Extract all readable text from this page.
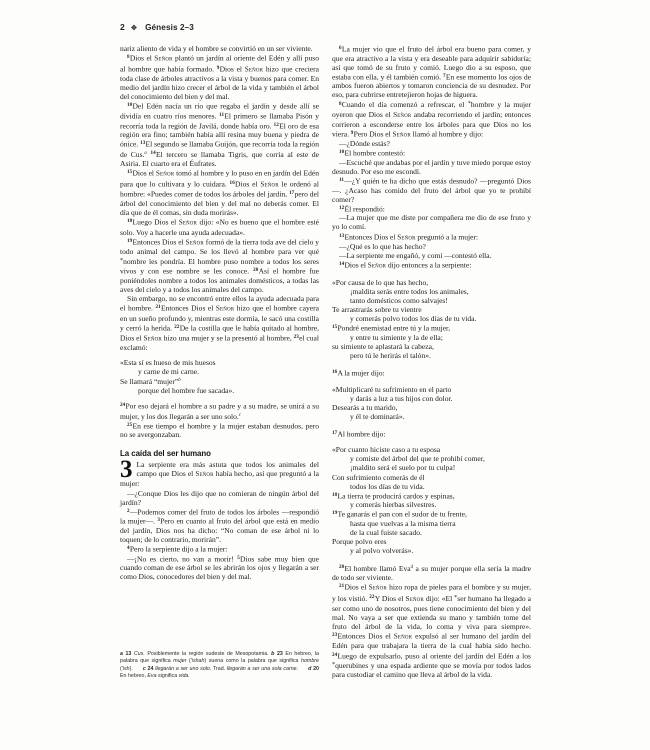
2 ✥ Génesis 2–3

nariz aliento de vida y el hombre se convirtió en un ser viviente.

$^8$Dios el Señor plantó un jardín al oriente del Edén y allí puso al hombre que había formado. $^9$Dios el Señor hizo que creciera toda clase de árboles atractivos a la vista y buenos para comer. En medio del jardín hizo crecer el árbol de la vida y también el árbol del conocimiento del bien y del mal.

$^{10}$Del Edén nacía un río que regaba el jardín y desde allí se dividía en cuatro ríos menores. $^{11}$El primero se llamaba Pisón y recorría toda la región de Javilá, donde había oro. $^{12}$El oro de esa región era fino; también había allí resina muy buena y piedra de ónice. $^{13}$El segundo se llamaba Guijón, que recorría toda la región de Cus.$^a$ $^{14}$El tercero se llamaba Tigris, que corría al este de Asiria. El cuarto era el Éufrates.

$^{15}$Dios el Señor tomó al hombre y lo puso en en jardín del Edén para que lo cultivara y lo cuidara. $^{16}$Dios el Señor le ordenó al hombre: «Puedes comer de todos los árboles del jardín, $^{17}$pero del árbol del conocimiento del bien y del mal no deberás comer. El día que de él comas, sin duda morirás».

$^{18}$Luego Dios el Señor dijo: «No es bueno que el hombre esté solo. Voy a hacerle una ayuda adecuada».

$^{19}$Entonces Dios el Señor formó de la tierra toda ave del cielo y todo animal del campo. Se los llevó al hombre para ver qué *nombre les pondría. El hombre puso nombre a todos los seres vivos y con ese nombre se les conoce. $^{20}$Así el hombre fue poniéndoles nombre a todos los animales domésticos, a todas las aves del cielo y a todos los animales del campo.

Sin embargo, no se encontró entre ellos la ayuda adecuada para el hombre. $^{21}$Entonces Dios el Señor hizo que el hombre cayera en un sueño profundo y, mientras este dormía, le sacó una costilla y cerró la herida. $^{22}$De la costilla que le había quitado al hombre, Dios el Señor hizo una mujer y se la presentó al hombre, $^{23}$el cual exclamó:

«Esta sí es hueso de mis huesos

y carne de mi carne.

Se llamará “mujer”$^b$

porque del hombre fue sacada».

$^{24}$Por eso dejará el hombre a su padre y a su madre, se unirá a su mujer, y los dos llegarán a ser uno solo.$^c$

$^{25}$En ese tiempo el hombre y la mujer estaban desnudos, pero no se avergonzaban.

La caída del ser humano
3 La serpiente era más astuta que todos los animales del campo que Dios el Señor había hecho, así que preguntó a la mujer:

—¿Conque Dios les dijo que no comieran de ningún árbol del jardín?

$^2$—Podemos comer del fruto de todos los árboles —respondió la mujer—. $^3$Pero en cuanto al fruto del árbol que está en medio del jardín, Dios nos ha dicho: “No coman de ese árbol ni lo toquen; de lo contrario, morirán”.

$^4$Pero la serpiente dijo a la mujer:

—¡No es cierto, no van a morir! $^5$Dios sabe muy bien que cuando coman de ese árbol se les abrirán los ojos y llegarán a ser como Dios, conocedores del bien y del mal.

a 13 Cus. Posiblemente la región sudeste de Mesopotamia. b 23 En hebreo, la palabra que significa mujer ('ishah) suena como la palabra que significa hombre ('ish). c 24 llegarán a ser uno solo. Trad. llegarán a ser una sola carne. d 20 En hebreo, Eva significa vida.

$^6$La mujer vio que el fruto del árbol era bueno para comer, y que era atractivo a la vista y era deseable para adquirir sabiduría; así que tomó de su fruto y comió. Luego dio a su esposo, que estaba con ella, y él también comió. $^7$En ese momento los ojos de ambos fueron abiertos y tomaron conciencia de su desnudez. Por eso, para cubrirse entretejieron hojas de higuera.

$^8$Cuando el día comenzó a refrescar, el *hombre y la mujer oyeron que Dios el Señor andaba recorriendo el jardín; entonces corrieron a esconderse entre los árboles para que Dios no los viera. $^9$Pero Dios el Señor llamó al hombre y dijo:

—¿Dónde estás?

$^{10}$El hombre contestó:

—Escuché que andabas por el jardín y tuve miedo porque estoy desnudo. Por eso me escondí.

$^{11}$—¿Y quién te ha dicho que estás desnudo? —preguntó Dios—. ¿Acaso has comido del fruto del árbol que yo te prohibí comer?

$^{12}$Él respondió:

—La mujer que me diste por compañera me dio de ese fruto y yo lo comí.

$^{13}$Entonces Dios el Señor preguntó a la mujer:

—¿Qué es lo que has hecho?

—La serpiente me engañó, y comí —contestó ella.

$^{14}$Dios el Señor dijo entonces a la serpiente:

«Por causa de lo que has hecho,

¡maldita serás entre todos los animales,

tanto domésticos como salvajes!

Te arrastrarás sobre tu vientre

y comerás polvo todos los días de tu vida.

$^{15}$Pondré enemistad entre tú y la mujer,

y entre tu simiente y la de ella;

su simiente te aplastará la cabeza,

pero tú le herirás el talón».

$^{16}$A la mujer dijo:

«Multiplicaré tu sufrimiento en el parto

y darás a luz a tus hijos con dolor.

Desearás a tu marido,

y él te dominará».

$^{17}$Al hombre dijo:

«Por cuanto hiciste caso a tu esposa

y comiste del árbol del que te prohibí comer,

¡maldito será el suelo por tu culpa!

Con sufrimiento comerás de él

todos los días de tu vida.

$^{18}$La tierra te producirá cardos y espinas,

y comerás hierbas silvestres.

$^{19}$Te ganarás el pan con el sudor de tu frente,

hasta que vuelvas a la misma tierra

de la cual fuiste sacado.

Porque polvo eres

y al polvo volverás».

$^{20}$El hombre llamó Eva$^d$ a su mujer porque ella sería la madre de todo ser viviente.

$^{21}$Dios el Señor hizo ropa de pieles para el hombre y su mujer, y los vistió. $^{22}$Y Dios el Señor dijo: «El *ser humano ha llegado a ser como uno de nosotros, pues tiene conocimiento del bien y del mal. No vaya a ser que extienda su mano y también tome del fruto del árbol de la vida, lo coma y viva para siempre». $^{23}$Entonces Dios el Señor expulsó al ser humano del jardín del Edén para que trabajara la tierra de la cual había sido hecho. $^{24}$Luego de expulsarlo, puso al oriente del jardín del Edén a los *querubines y una espada ardiente que se movía por todos lados para custodiar el camino que lleva al árbol de la vida.
